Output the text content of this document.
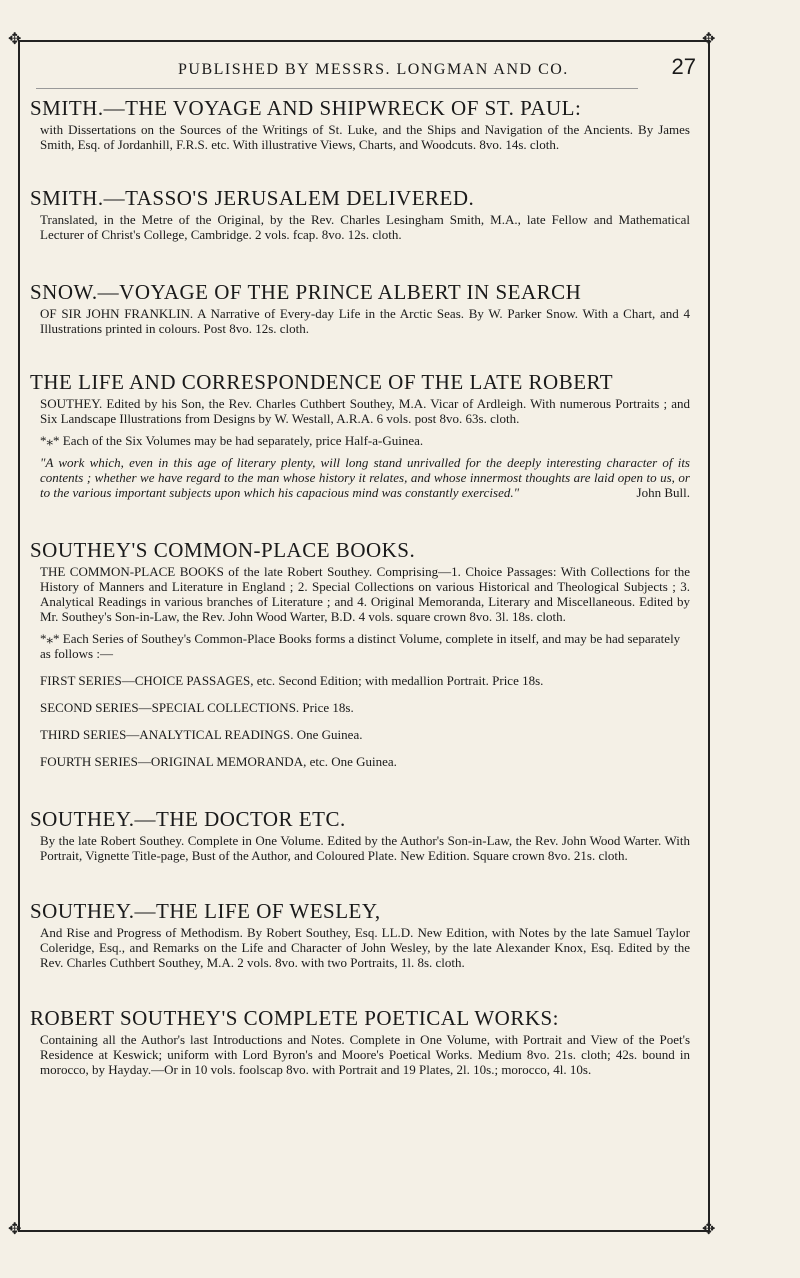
✥	✥
✥	✥
PUBLISHED BY MESSRS. LONGMAN AND CO.	27
SMITH.—THE VOYAGE AND SHIPWRECK OF ST. PAUL:

with Dissertations on the Sources of the Writings of St. Luke, and the Ships and Navigation of the Ancients. By James Smith, Esq. of Jordanhill, F.R.S. etc. With illustrative Views, Charts, and Woodcuts. 8vo. 14s. cloth.

SMITH.—TASSO'S JERUSALEM DELIVERED.

Translated, in the Metre of the Original, by the Rev. Charles Lesingham Smith, M.A., late Fellow and Mathematical Lecturer of Christ's College, Cambridge. 2 vols. fcap. 8vo. 12s. cloth.

SNOW.—VOYAGE OF THE PRINCE ALBERT IN SEARCH

OF SIR JOHN FRANKLIN. A Narrative of Every-day Life in the Arctic Seas. By W. Parker Snow. With a Chart, and 4 Illustrations printed in colours. Post 8vo. 12s. cloth.

THE LIFE AND CORRESPONDENCE OF THE LATE ROBERT

SOUTHEY. Edited by his Son, the Rev. Charles Cuthbert Southey, M.A. Vicar of Ardleigh. With numerous Portraits ; and Six Landscape Illustrations from Designs by W. Westall, A.R.A. 6 vols. post 8vo. 63s. cloth.

*⁎* Each of the Six Volumes may be had separately, price Half-a-Guinea.

"A work which, even in this age of literary plenty, will long stand unrivalled for the deeply interesting character of its contents ; whether we have regard to the man whose history it relates, and whose innermost thoughts are laid open to us, or to the various important subjects upon which his capacious mind was constantly exercised."	John Bull.

SOUTHEY'S COMMON-PLACE BOOKS.

THE COMMON-PLACE BOOKS of the late Robert Southey. Comprising—1. Choice Passages: With Collections for the History of Manners and Literature in England ; 2. Special Collections on various Historical and Theological Subjects ; 3. Analytical Readings in various branches of Literature ; and 4. Original Memoranda, Literary and Miscellaneous. Edited by Mr. Southey's Son-in-Law, the Rev. John Wood Warter, B.D. 4 vols. square crown 8vo. 3l. 18s. cloth.

*⁎* Each Series of Southey's Common-Place Books forms a distinct Volume, complete in itself, and may be had separately as follows :—

FIRST SERIES—CHOICE PASSAGES, etc. Second Edition; with medallion Portrait. Price 18s.

SECOND SERIES—SPECIAL COLLECTIONS. Price 18s.

THIRD SERIES—ANALYTICAL READINGS. One Guinea.

FOURTH SERIES—ORIGINAL MEMORANDA, etc. One Guinea.

SOUTHEY.—THE DOCTOR ETC.

By the late Robert Southey. Complete in One Volume. Edited by the Author's Son-in-Law, the Rev. John Wood Warter. With Portrait, Vignette Title-page, Bust of the Author, and Coloured Plate. New Edition. Square crown 8vo. 21s. cloth.

SOUTHEY.—THE LIFE OF WESLEY,

And Rise and Progress of Methodism. By Robert Southey, Esq. LL.D. New Edition, with Notes by the late Samuel Taylor Coleridge, Esq., and Remarks on the Life and Character of John Wesley, by the late Alexander Knox, Esq. Edited by the Rev. Charles Cuthbert Southey, M.A. 2 vols. 8vo. with two Portraits, 1l. 8s. cloth.

ROBERT SOUTHEY'S COMPLETE POETICAL WORKS:

Containing all the Author's last Introductions and Notes. Complete in One Volume, with Portrait and View of the Poet's Residence at Keswick; uniform with Lord Byron's and Moore's Poetical Works. Medium 8vo. 21s. cloth; 42s. bound in morocco, by Hayday.—Or in 10 vols. foolscap 8vo. with Portrait and 19 Plates, 2l. 10s.; morocco, 4l. 10s.
